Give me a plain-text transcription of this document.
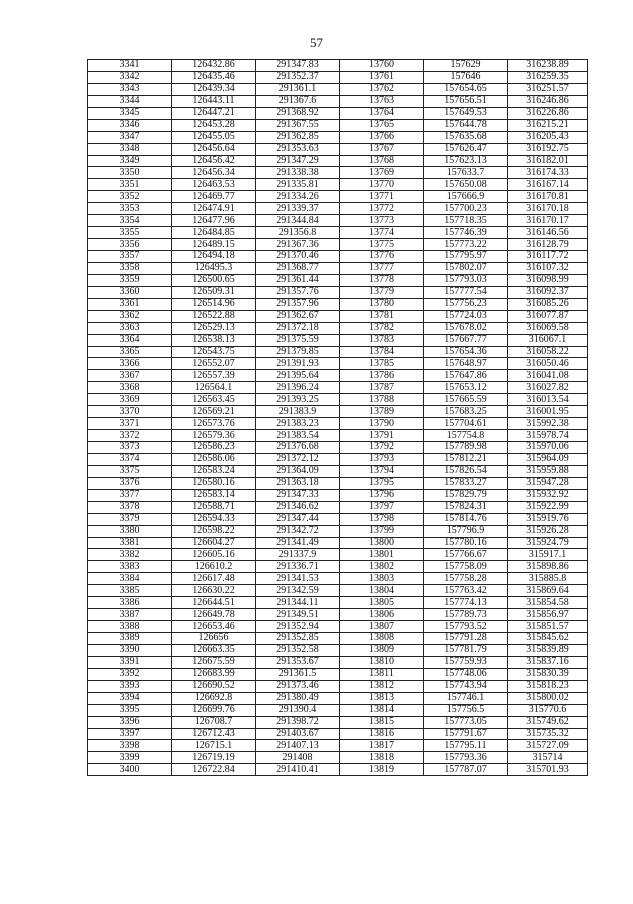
57
3341	126432.86	291347.83	13760	157629	316238.89
3342	126435.46	291352.37	13761	157646	316259.35
3343	126439.34	291361.1	13762	157654.65	316251.57
3344	126443.11	291367.6	13763	157656.51	316246.86
3345	126447.21	291368.92	13764	157649.53	316226.86
3346	126453.28	291367.55	13765	157644.78	316215.21
3347	126455.05	291362.85	13766	157635.68	316205.43
3348	126456.64	291353.63	13767	157626.47	316192.75
3349	126456.42	291347.29	13768	157623.13	316182.01
3350	126456.34	291338.38	13769	157633.7	316174.33
3351	126463.53	291335.81	13770	157650.08	316167.14
3352	126469.77	291334.26	13771	157666.9	316170.81
3353	126474.91	291339.37	13772	157700.23	316170.18
3354	126477.96	291344.84	13773	157718.35	316170.17
3355	126484.85	291356.8	13774	157746.39	316146.56
3356	126489.15	291367.36	13775	157773.22	316128.79
3357	126494.18	291370.46	13776	157795.97	316117.72
3358	126495.3	291368.77	13777	157802.07	316107.32
3359	126500.65	291361.44	13778	157793.03	316098.99
3360	126509.31	291357.76	13779	157777.54	316092.37
3361	126514.96	291357.96	13780	157756.23	316085.26
3362	126522.88	291362.67	13781	157724.03	316077.87
3363	126529.13	291372.18	13782	157678.02	316069.58
3364	126538.13	291375.59	13783	157667.77	316067.1
3365	126543.75	291379.85	13784	157654.36	316058.22
3366	126552.07	291391.93	13785	157648.97	316050.46
3367	126557.39	291395.64	13786	157647.86	316041.08
3368	126564.1	291396.24	13787	157653.12	316027.82
3369	126563.45	291393.25	13788	157665.59	316013.54
3370	126569.21	291383.9	13789	157683.25	316001.95
3371	126573.76	291383.23	13790	157704.61	315992.38
3372	126579.36	291383.54	13791	157754.8	315978.74
3373	126586.23	291376.68	13792	157789.98	315970.06
3374	126586.06	291372.12	13793	157812.21	315964.09
3375	126583.24	291364.09	13794	157826.54	315959.88
3376	126580.16	291363.18	13795	157833.27	315947.28
3377	126583.14	291347.33	13796	157829.79	315932.92
3378	126588.71	291346.62	13797	157824.31	315922.99
3379	126594.33	291347.44	13798	157814.76	315919.76
3380	126598.22	291342.72	13799	157796.9	315926.28
3381	126604.27	291341.49	13800	157780.16	315924.79
3382	126605.16	291337.9	13801	157766.67	315917.1
3383	126610.2	291336.71	13802	157758.09	315898.86
3384	126617.48	291341.53	13803	157758.28	315885.8
3385	126630.22	291342.59	13804	157763.42	315869.64
3386	126644.51	291344.11	13805	157774.13	315854.58
3387	126649.78	291349.51	13806	157789.73	315856.97
3388	126653.46	291352.94	13807	157793.52	315851.57
3389	126656	291352.85	13808	157791.28	315845.62
3390	126663.35	291352.58	13809	157781.79	315839.89
3391	126675.59	291353.67	13810	157759.93	315837.16
3392	126683.99	291361.5	13811	157748.06	315830.39
3393	126690.52	291373.46	13812	157743.94	315818.23
3394	126692.8	291380.49	13813	157746.1	315800.02
3395	126699.76	291390.4	13814	157756.5	315770.6
3396	126708.7	291398.72	13815	157773.05	315749.62
3397	126712.43	291403.67	13816	157791.67	315735.32
3398	126715.1	291407.13	13817	157795.11	315727.09
3399	126719.19	291408	13818	157793.36	315714
3400	126722.84	291410.41	13819	157787.07	315701.93
